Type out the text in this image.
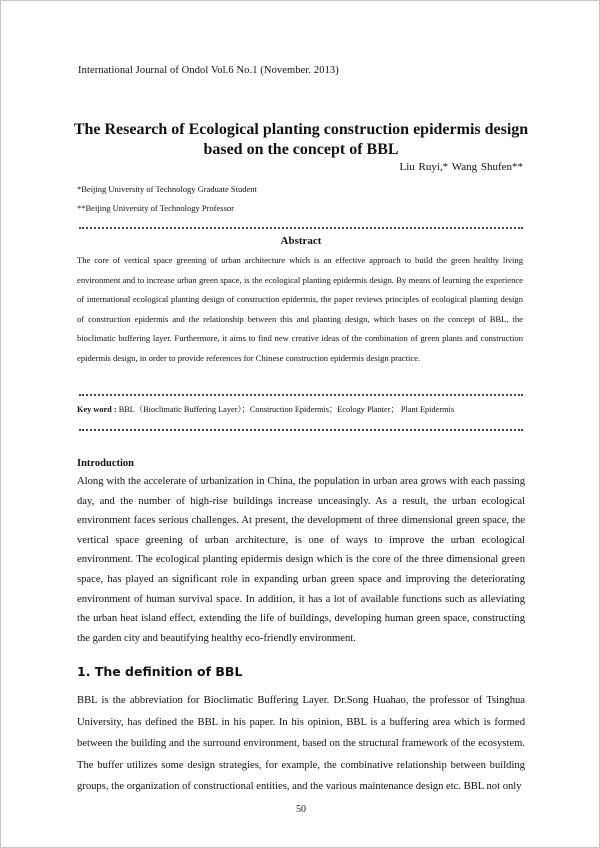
International Journal of Ondol Vol.6 No.1 (November. 2013)
The Research of Ecological planting construction epidermis design based on the concept of BBL
Liu Ruyi,* Wang Shufen**
*Beijing University of Technology Graduate Student
**Beijing University of Technology Professor
Abstract
The core of vertical space greening of urban architecture which is an effective approach to build the green healthy living environment and to increase urban green space, is the ecological planting epidermis design. By means of learning the experience of international ecological planting design of construction epidermis, the paper reviews principles of ecological planting design of construction epidermis and the relationship between this and planting design, which bases on the concept of BBL, the bioclimatic buffering layer. Furthermore, it aims to find new creative ideas of the combination of green plants and construction epidermis design, in order to provide references for Chinese construction epidermis design practice.
Key word : BBL（Bioclimatic Buffering Layer）；Construction Epidermis；Ecology Planter； Plant Epidermis
Introduction
Along with the accelerate of urbanization in China, the population in urban area grows with each passing day, and the number of high-rise buildings increase unceasingly. As a result, the urban ecological environment faces serious challenges. At present, the development of three dimensional green space, the vertical space greening of urban architecture, is one of ways to improve the urban ecological environment. The ecological planting epidermis design which is the core of the three dimensional green space, has played an significant role in expanding urban green space and improving the deteriorating environment of human survival space. In addition, it has a lot of available functions such as alleviating the urban heat island effect, extending the life of buildings, developing human green space, constructing the garden city and beautifying healthy eco-friendly environment.
1. The definition of BBL
BBL is the abbreviation for Bioclimatic Buffering Layer. Dr.Song Huahao, the professor of Tsinghua University, has defined the BBL in his paper. In his opinion, BBL is a buffering area which is formed between the building and the surround environment, based on the structural framework of the ecosystem. The buffer utilizes some design strategies, for example, the combinative relationship between building groups, the organization of constructional entities, and the various maintenance design etc. BBL not only
50
